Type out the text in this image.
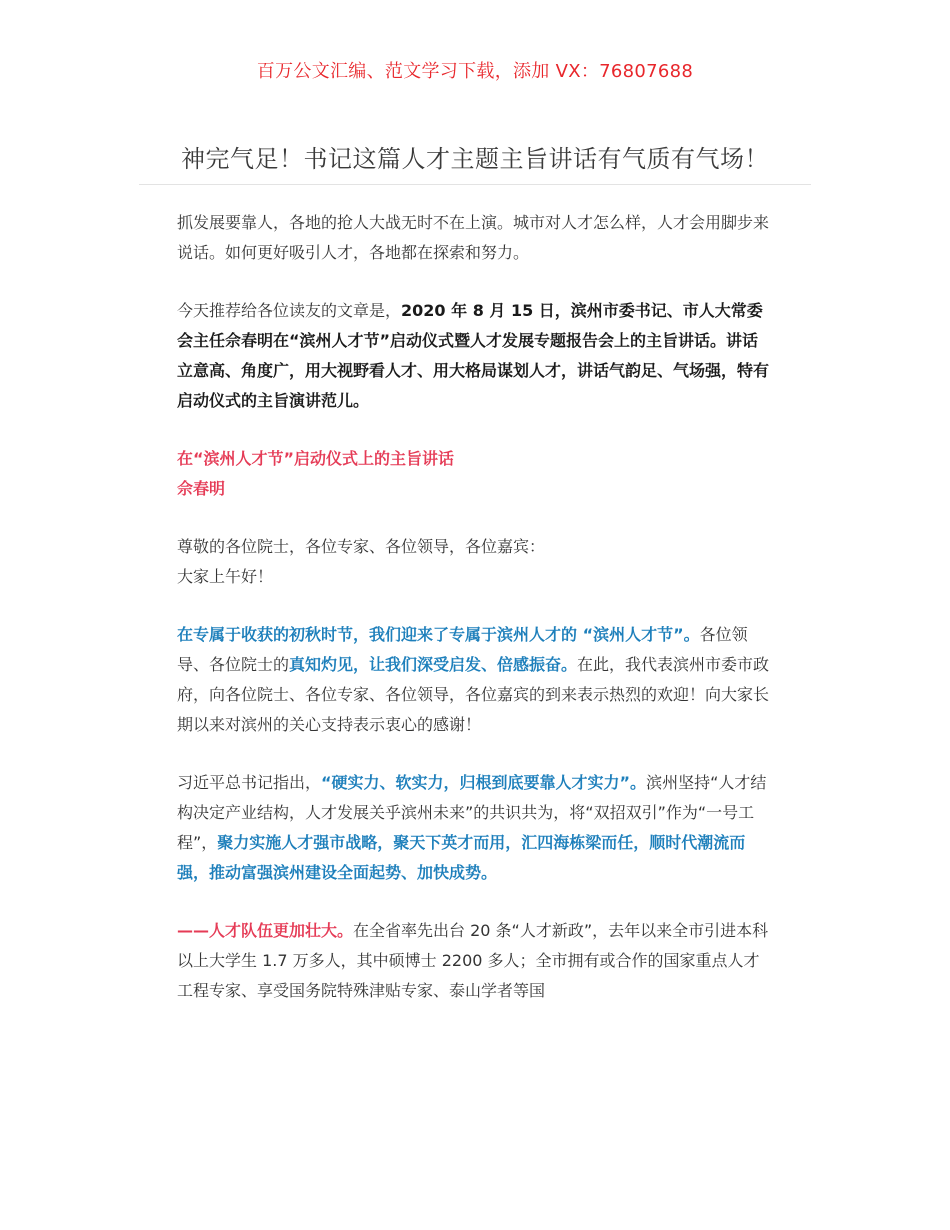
百万公文汇编、范文学习下载，添加 VX：76807688
神完气足！书记这篇人才主题主旨讲话有气质有气场！

抓发展要靠人，各地的抢人大战无时不在上演。城市对人才怎么样，人才会用脚步来说话。如何更好吸引人才，各地都在探索和努力。

今天推荐给各位读友的文章是，2020 年 8 月 15 日，滨州市委书记、市人大常委会主任佘春明在“滨州人才节”启动仪式暨人才发展专题报告会上的主旨讲话。讲话立意高、角度广，用大视野看人才、用大格局谋划人才，讲话气韵足、气场强，特有启动仪式的主旨演讲范儿。

在“滨州人才节”启动仪式上的主旨讲话
佘春明

尊敬的各位院士，各位专家、各位领导，各位嘉宾：
大家上午好！

在专属于收获的初秋时节，我们迎来了专属于滨州人才的 “滨州人才节”。各位领导、各位院士的真知灼见，让我们深受启发、倍感振奋。在此，我代表滨州市委市政府，向各位院士、各位专家、各位领导，各位嘉宾的到来表示热烈的欢迎！向大家长期以来对滨州的关心支持表示衷心的感谢！

习近平总书记指出，“硬实力、软实力，归根到底要靠人才实力”。滨州坚持“人才结构决定产业结构，人才发展关乎滨州未来”的共识共为，将“双招双引”作为“一号工程”，聚力实施人才强市战略，聚天下英才而用，汇四海栋梁而任，顺时代潮流而强，推动富强滨州建设全面起势、加快成势。

——人才队伍更加壮大。在全省率先出台 20 条“人才新政”，去年以来全市引进本科以上大学生 1.7 万多人，其中硕博士 2200 多人；全市拥有或合作的国家重点人才工程专家、享受国务院特殊津贴专家、泰山学者等国
